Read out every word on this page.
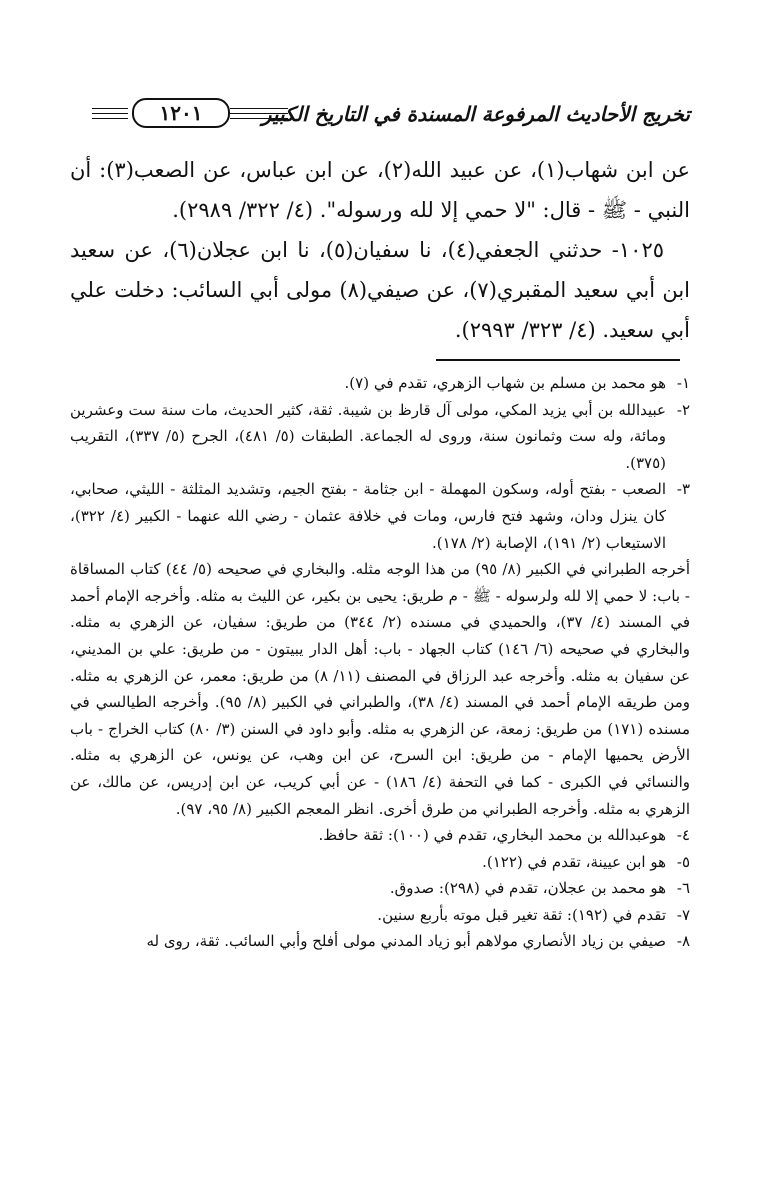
١٢٠١	تخريج الأحاديث المرفوعة المسندة في التاريخ الكبير

عن ابن شهاب(١)، عن عبيد الله(٢)، عن ابن عباس، عن الصعب(٣): أن النبي - ﷺ - قال: "لا حمي إلا لله ورسوله". (٤/ ٣٢٢/ ٢٩٨٩).

١٠٢٥- حدثني الجعفي(٤)، نا سفيان(٥)، نا ابن عجلان(٦)، عن سعيد ابن أبي سعيد المقبري(٧)، عن صيفي(٨) مولى أبي السائب: دخلت علي أبي سعيد. (٤/ ٣٢٣/ ٢٩٩٣).

١-
هو محمد بن مسلم بن شهاب الزهري، تقدم في (٧).

٢-
عبيدالله بن أبي يزيد المكي، مولى آل قارظ بن شيبة. ثقة، كثير الحديث، مات سنة ست وعشرين ومائة، وله ست وثمانون سنة، وروى له الجماعة. الطبقات (٥/ ٤٨١)، الجرح (٥/ ٣٣٧)، التقريب (٣٧٥).

٣-
الصعب - بفتح أوله، وسكون المهملة - ابن جثامة - بفتح الجيم، وتشديد المثلثة - الليثي، صحابي، كان ينزل ودان، وشهد فتح فارس، ومات في خلافة عثمان - رضي الله عنهما - الكبير (٤/ ٣٢٢)، الاستيعاب (٢/ ١٩١)، الإصابة (٢/ ١٧٨).

أخرجه الطبراني في الكبير (٨/ ٩٥) من هذا الوجه مثله. والبخاري في صحيحه (٥/ ٤٤) كتاب المساقاة - باب: لا حمي إلا لله ولرسوله - ﷺ - م طريق: يحيى بن بكير، عن الليث به مثله. وأخرجه الإمام أحمد في المسند (٤/ ٣٧)، والحميدي في مسنده (٢/ ٣٤٤) من طريق: سفيان، عن الزهري به مثله. والبخاري في صحيحه (٦/ ١٤٦) كتاب الجهاد - باب: أهل الدار يبيتون - من طريق: علي بن المديني، عن سفيان به مثله. وأخرجه عبد الرزاق في المصنف (١١/ ٨) من طريق: معمر، عن الزهري به مثله. ومن طريقه الإمام أحمد في المسند (٤/ ٣٨)، والطبراني في الكبير (٨/ ٩٥). وأخرجه الطيالسي في مسنده (١٧١) من طريق: زمعة، عن الزهري به مثله. وأبو داود في السنن (٣/ ٨٠) كتاب الخراج - باب الأرض يحميها الإمام - من طريق: ابن السرح، عن ابن وهب، عن يونس، عن الزهري به مثله. والنسائي في الكبرى - كما في التحفة (٤/ ١٨٦) - عن أبي كريب، عن ابن إدريس، عن مالك، عن الزهري به مثله. وأخرجه الطبراني من طرق أخرى. انظر المعجم الكبير (٨/ ٩٥، ٩٧).

٤-
هوعبدالله بن محمد البخاري، تقدم في (١٠٠): ثقة حافظ.

٥-
هو ابن عيينة، تقدم في (١٢٢).

٦-
هو محمد بن عجلان، تقدم في (٢٩٨): صدوق.

٧-
تقدم في (١٩٢): ثقة تغير قبل موته بأربع سنين.

٨-
صيفي بن زياد الأنصاري مولاهم أبو زياد المدني مولى أفلح وأبي السائب. ثقة، روى له
